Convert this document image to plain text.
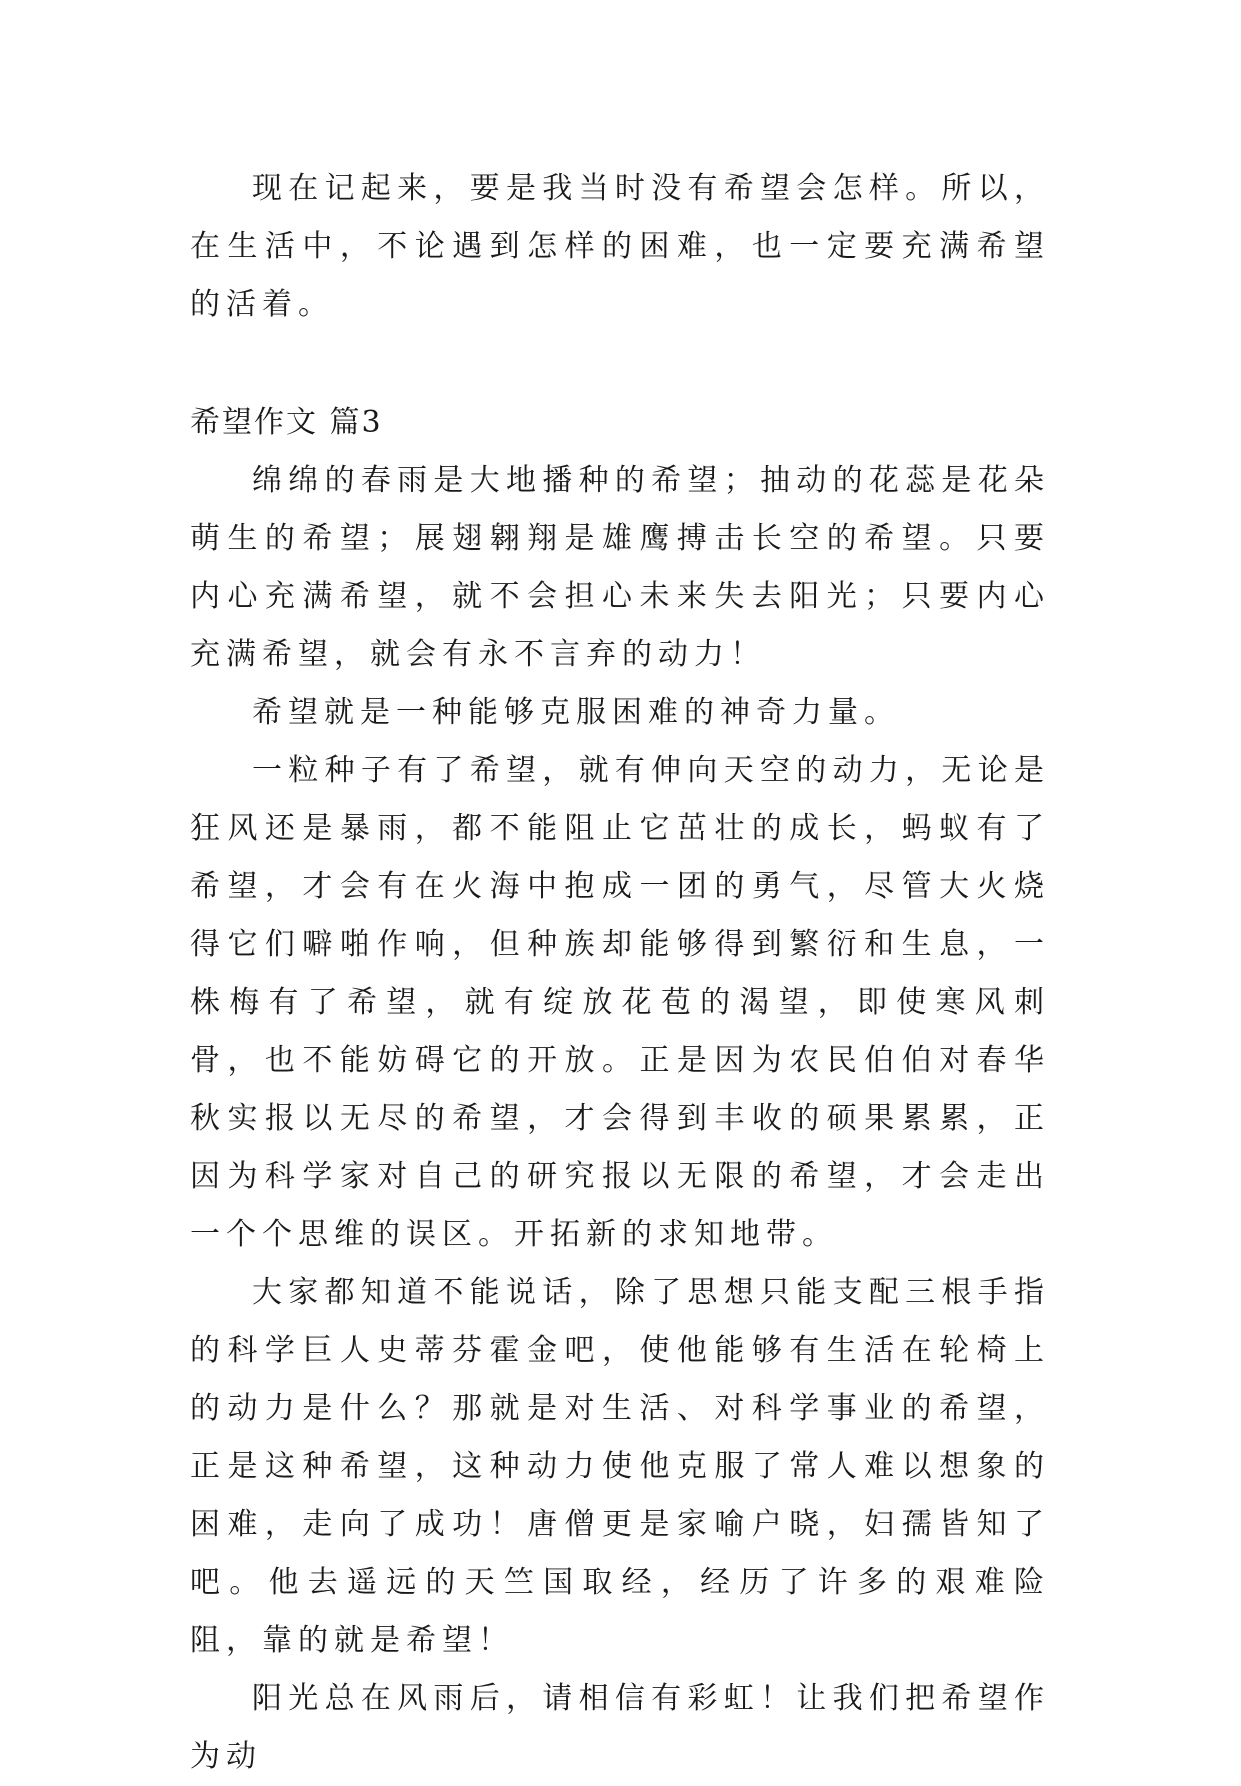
现在记起来，要是我当时没有希望会怎样。所以，在生活中，不论遇到怎样的困难，也一定要充满希望的活着。

希望作文 篇3

绵绵的春雨是大地播种的希望；抽动的花蕊是花朵萌生的希望；展翅翱翔是雄鹰搏击长空的希望。只要内心充满希望，就不会担心未来失去阳光；只要内心充满希望，就会有永不言弃的动力！

希望就是一种能够克服困难的神奇力量。

一粒种子有了希望，就有伸向天空的动力，无论是狂风还是暴雨，都不能阻止它茁壮的成长，蚂蚁有了希望，才会有在火海中抱成一团的勇气，尽管大火烧得它们噼啪作响，但种族却能够得到繁衍和生息，一株梅有了希望，就有绽放花苞的渴望，即使寒风刺骨，也不能妨碍它的开放。正是因为农民伯伯对春华秋实报以无尽的希望，才会得到丰收的硕果累累，正因为科学家对自己的研究报以无限的希望，才会走出一个个思维的误区。开拓新的求知地带。

大家都知道不能说话，除了思想只能支配三根手指的科学巨人史蒂芬霍金吧，使他能够有生活在轮椅上的动力是什么？那就是对生活、对科学事业的希望，正是这种希望，这种动力使他克服了常人难以想象的困难，走向了成功！唐僧更是家喻户晓，妇孺皆知了吧。他去遥远的天竺国取经，经历了许多的艰难险阻，靠的就是希望！

阳光总在风雨后，请相信有彩虹！让我们把希望作为动
